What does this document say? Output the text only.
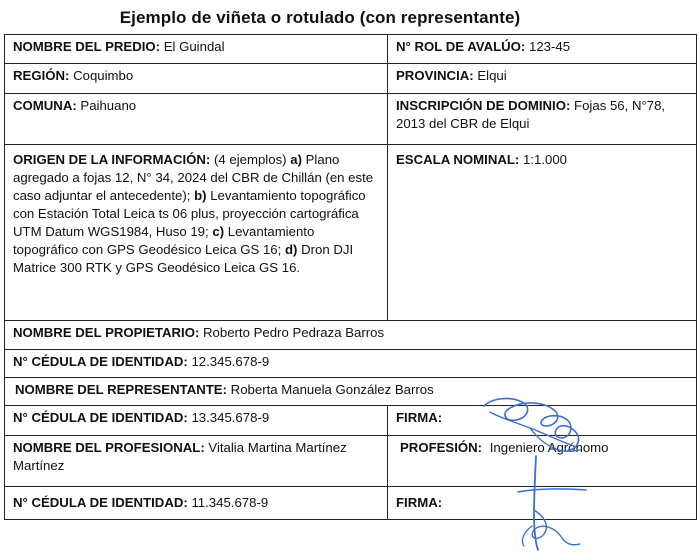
Ejemplo de viñeta o rotulado (con representante)
NOMBRE DEL PREDIO: El Guindal	N° ROL DE AVALÚO: 123-45
REGIÓN: Coquimbo	PROVINCIA: Elqui
COMUNA: Paihuano	INSCRIPCIÓN DE DOMINIO: Fojas 56, N°78, 2013 del CBR de Elqui
ORIGEN DE LA INFORMACIÓN: (4 ejemplos) a) Plano agregado a fojas 12, N° 34, 2024 del CBR de Chillán (en este caso adjuntar el antecedente); b) Levantamiento topográfico con Estación Total Leica ts 06 plus, proyección cartográfica UTM Datum WGS1984, Huso 19; c) Levantamiento topográfico con GPS Geodésico Leica GS 16; d) Dron DJI Matrice 300 RTK y GPS Geodésico Leica GS 16.	ESCALA NOMINAL: 1:1.000
NOMBRE DEL PROPIETARIO: Roberto Pedro Pedraza Barros	
N° CÉDULA DE IDENTIDAD: 12.345.678-9	
NOMBRE DEL REPRESENTANTE: Roberta Manuela González Barros	
N° CÉDULA DE IDENTIDAD: 13.345.678-9	FIRMA:
NOMBRE DEL PROFESIONAL: Vitalia Martina Martínez Martínez	PROFESIÓN: Ingeniero Agrónomo
N° CÉDULA DE IDENTIDAD: 11.345.678-9	FIRMA:
